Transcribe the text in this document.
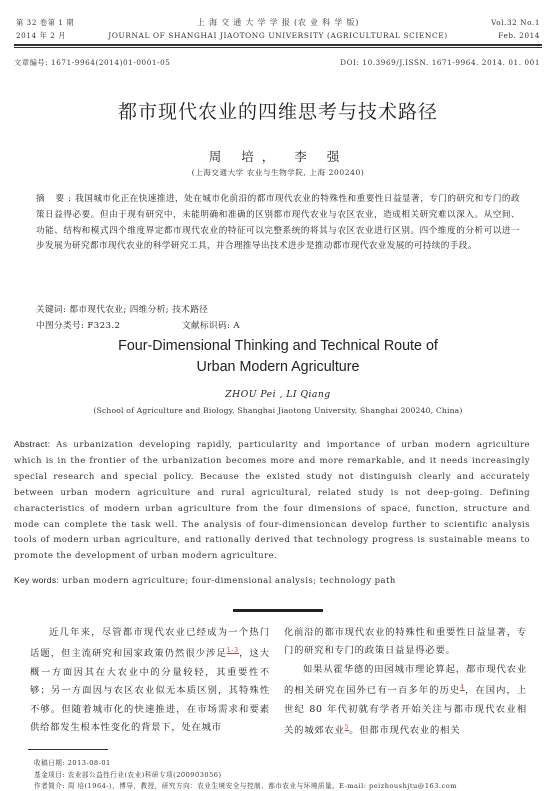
第 32 卷第 1 期
2014 年 2 月
上 海 交 通 大 学 学 报 (农 业 科 学 版)
JOURNAL OF SHANGHAI JIAOTONG UNIVERSITY (AGRICULTURAL SCIENCE)
Vol.32 No.1
Feb. 2014
文章编号: 1671-9964(2014)01-0001-05	DOI: 10.3969/J.ISSN. 1671-9964. 2014. 01. 001
都市现代农业的四维思考与技术路径
周 培， 李 强
(上海交通大学 农业与生物学院, 上海 200240)
摘 要:我国城市化正在快速推进，处在城市化前沿的都市现代农业的特殊性和重要性日益显著，专门的研究和专门的政策日益得必要。但由于现有研究中，未能明确和准确的区别都市现代农业与农区农业，造成相关研究难以深入。从空间、功能、结构和模式四个维度界定都市现代农业的特征可以完整系统的将其与农区农业进行区别。四个维度的分析可以进一步发展为研究都市现代农业的科学研究工具，并合理推导出技术进步是推动都市现代农业发展的可持续的手段。
关键词: 都市现代农业; 四维分析; 技术路径
中图分类号: F323.2	文献标识码: A
Four-Dimensional Thinking and Technical Route of
Urban Modern Agriculture
ZHOU Pei , LI Qiang
(School of Agriculture and Biology, Shanghai Jiaotong University, Shanghai 200240, China)
Abstract: As urbanization developing rapidly, particularity and importance of urban modern agriculture which is in the frontier of the urbanization becomes more and more remarkable, and it needs increasingly special research and special policy. Because the existed study not distinguish clearly and accurately between urban modern agriculture and rural agricultural, related study is not deep-going. Defining characteristics of modern urban agriculture from the four dimensions of space, function, structure and mode can complete the task well. The analysis of four-dimensioncan develop further to scientific analysis tools of modern urban agriculture, and rationally derived that technology progress is sustainable means to promote the development of urban modern agriculture.
Key words: urban modern agriculture; four-dimensional analysis; technology path
近几年来，尽管都市现代农业已经成为一个热门话题，但主流研究和国家政策仍然很少涉足$^{1-3}$，这大概一方面因其在大农业中的分量较轻，其重要性不够；另一方面因与农区农业似无本质区别，其特殊性不够。但随着城市化的快速推进，在市场需求和要素供给都发生根本性变化的背景下，处在城市
化前沿的都市现代农业的特殊性和重要性日益显著，专门的研究和专门的政策日益显得必要。
如果从霍华德的田园城市理论算起，都市现代农业的相关研究在国外已有一百多年的历史$^4$，在国内，上世纪 80 年代初就有学者开始关注与都市现代农业相关的城郊农业$^5$。但都市现代农业的相关
收稿日期: 2013-08-01
基金项目: 农业部公益性行业(农业)科研专项(200903056)
作者简介: 周 培(1964-)，博导，教授，研究方向：农业生境安全与控制、都市农业与环境质量。E-mail: peizhoushjtu@163.com
